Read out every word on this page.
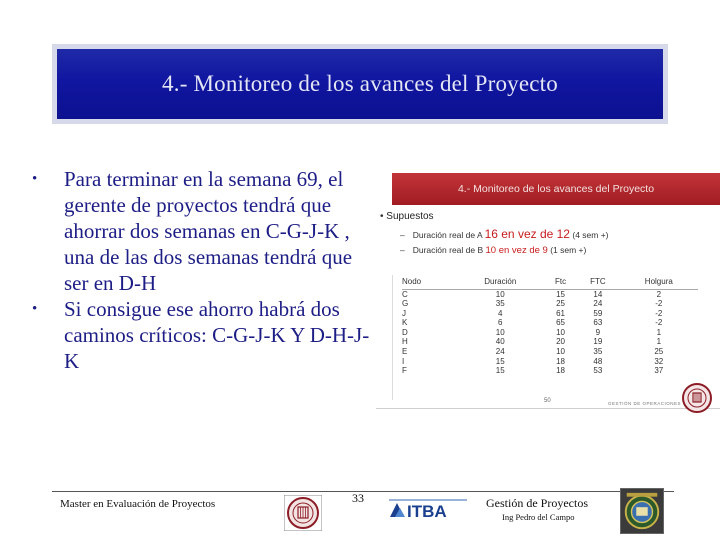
4.- Monitoreo de los avances del Proyecto
•	Para terminar en la semana 69, el gerente de proyectos tendrá que ahorrar dos semanas en C-G-J-K , una de las dos semanas tendrá que ser en D-H
•	Si consigue ese ahorro habrá dos caminos críticos: C-G-J-K Y D-H-J-K
4.- Monitoreo de los avances del Proyecto
• Supuestos
– Duración real de A 16 en vez de 12 (4 sem +)
– Duración real de B 10 en vez de 9 (1 sem +)
Nodo	Duración	Ftc	FTC	Holgura
C	10	15	14	2
G	35	25	24	-2
J	4	61	59	-2
K	6	65	63	-2
D	10	10	9	1
H	40	20	19	1
E	24	10	35	25
I	15	18	48	32
F	15	18	53	37
50	GESTIÓN DE OPERACIONES
Master en Evaluación de Proyectos	33
ITBA	Gestión de Proyectos
Ing Pedro del Campo
